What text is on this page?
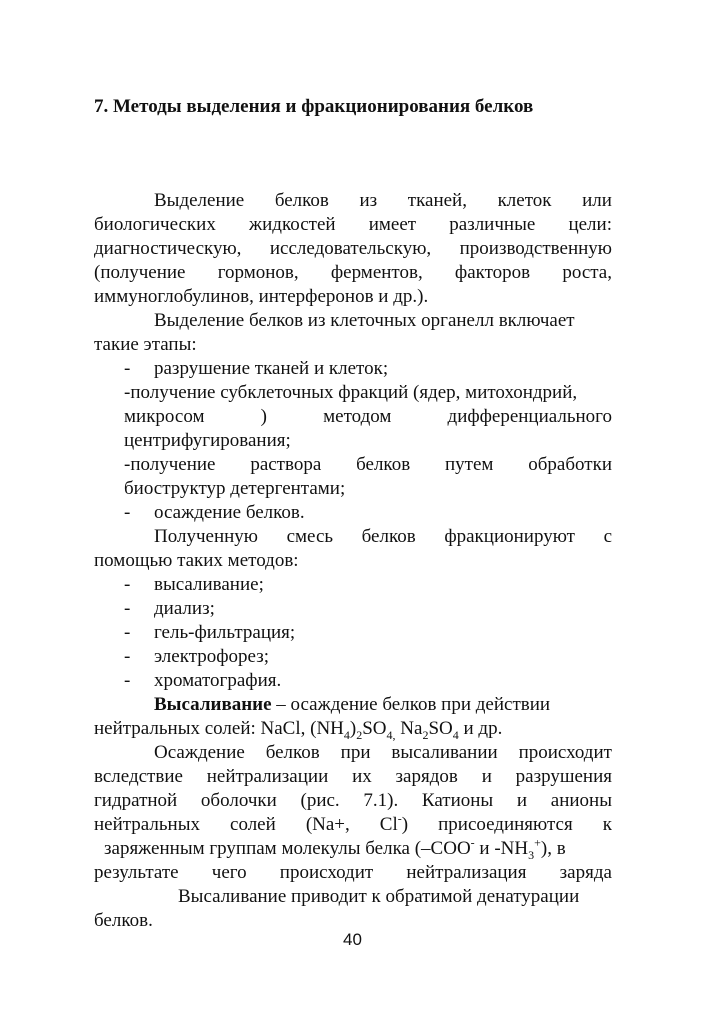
7. Методы выделения и фракционирования белков
Выделение белков из тканей, клеток или
биологических жидкостей имеет различные цели:
диагностическую, исследовательскую, производственную
(получение гормонов, ферментов, факторов роста,
иммуноглобулинов, интерферонов и др.).
Выделение белков из клеточных органелл включает
такие этапы:
- разрушение тканей и клеток;
-получение субклеточных фракций (ядер, митохондрий,
микросом	)	методом	дифференциального
центрифугирования;
-получение раствора белков путем обработки
биоструктур детергентами;
- осаждение белков.
Полученную смесь белков фракционируют с
помощью таких методов:
- высаливание;
- диализ;
- гель-фильтрация;
- электрофорез;
- хроматография.
Высаливание – осаждение белков при действии
нейтральных солей: NaCl, $(NH_4)_2SO_{4,}$ $Na_2SO_4$ и др.
Осаждение белков при высаливании происходит
вследствие нейтрализации их зарядов и разрушения
гидратной оболочки (рис. 7.1). Катионы и анионы
нейтральных солей (Na+, Cl-) присоединяются к
заряженным группам молекулы белка (–COO- и $-NH_3^+$), в
результате чего происходит нейтрализация заряда
Высаливание приводит к обратимой денатурации
белков.
40
